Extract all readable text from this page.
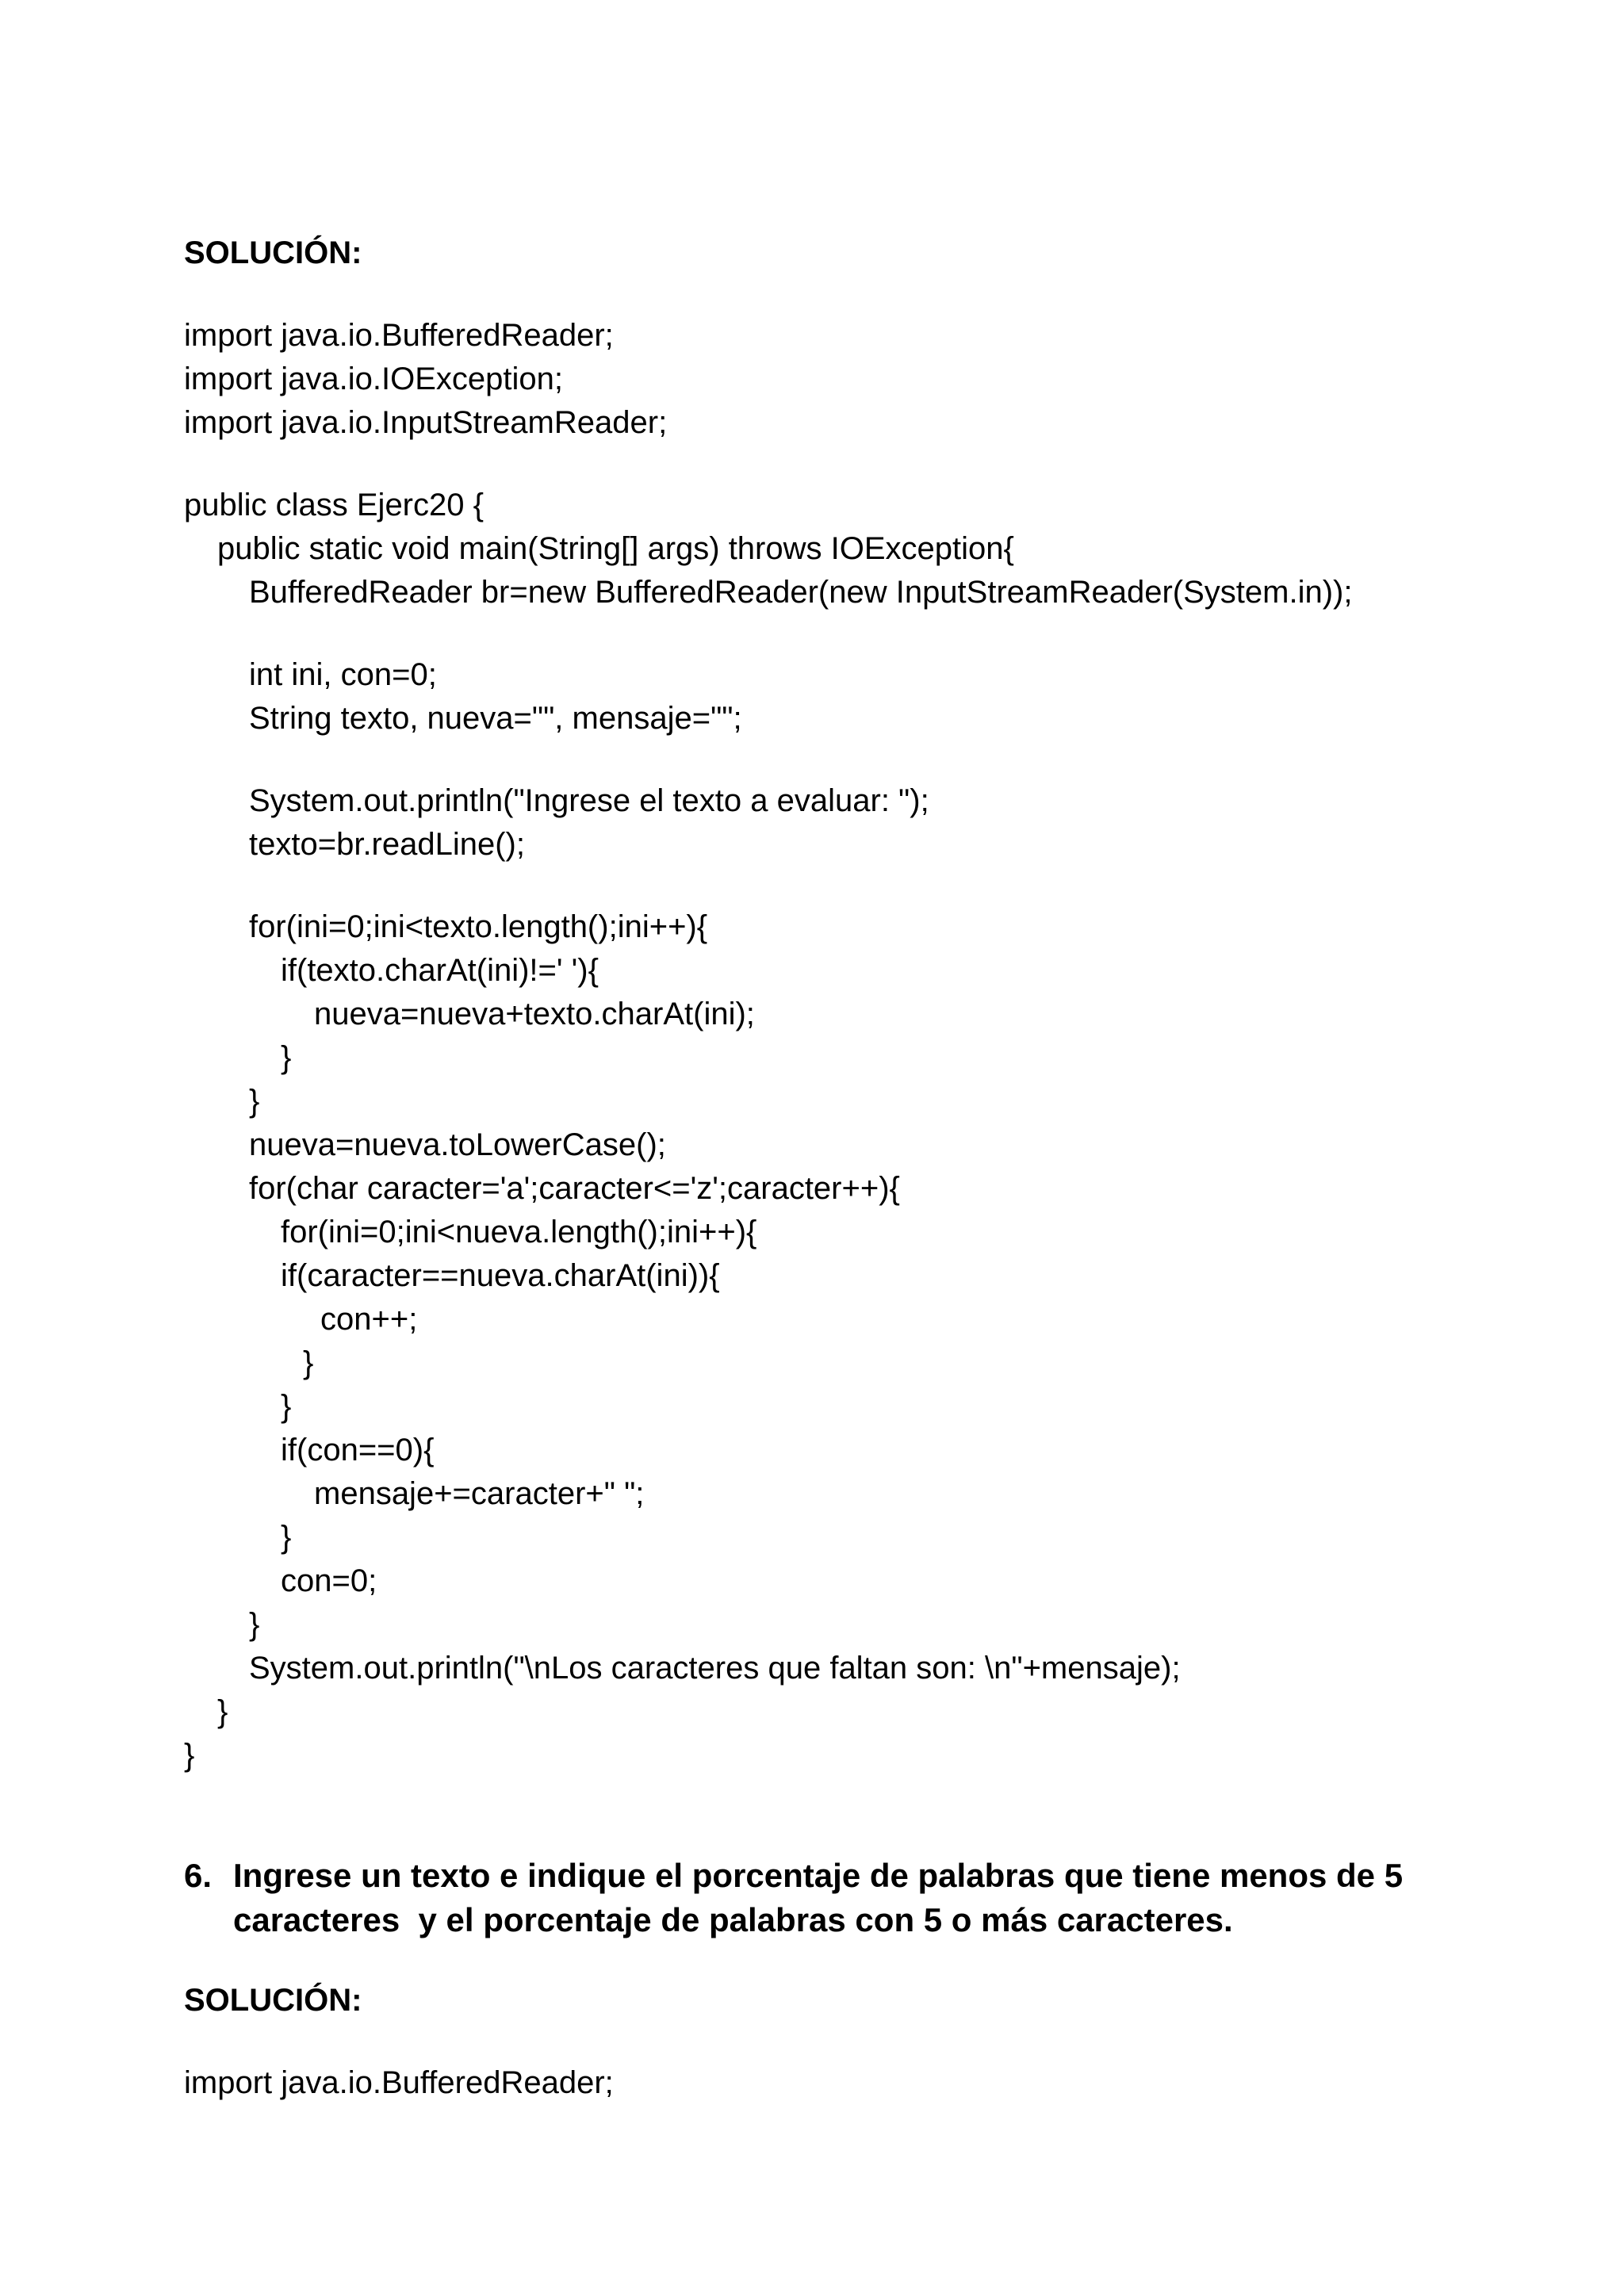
SOLUCIÓN:
import java.io.BufferedReader;
import java.io.IOException;
import java.io.InputStreamReader;
public class Ejerc20 {
public static void main(String[] args) throws IOException{
BufferedReader br=new BufferedReader(new InputStreamReader(System.in));
int ini, con=0;
String texto, nueva="", mensaje="";
System.out.println("Ingrese el texto a evaluar: ");
texto=br.readLine();
for(ini=0;ini<texto.length();ini++){
if(texto.charAt(ini)!=' '){
nueva=nueva+texto.charAt(ini);
}
}
nueva=nueva.toLowerCase();
for(char caracter='a';caracter<='z';caracter++){
for(ini=0;ini<nueva.length();ini++){
if(caracter==nueva.charAt(ini)){
con++;
}
}
if(con==0){
mensaje+=caracter+" ";
}
con=0;
}
System.out.println("\nLos caracteres que faltan son: \n"+mensaje);
}
}
6. Ingrese un texto e indique el porcentaje de palabras que tiene menos de 5
caracteres  y el porcentaje de palabras con 5 o más caracteres.
SOLUCIÓN:
import java.io.BufferedReader;
